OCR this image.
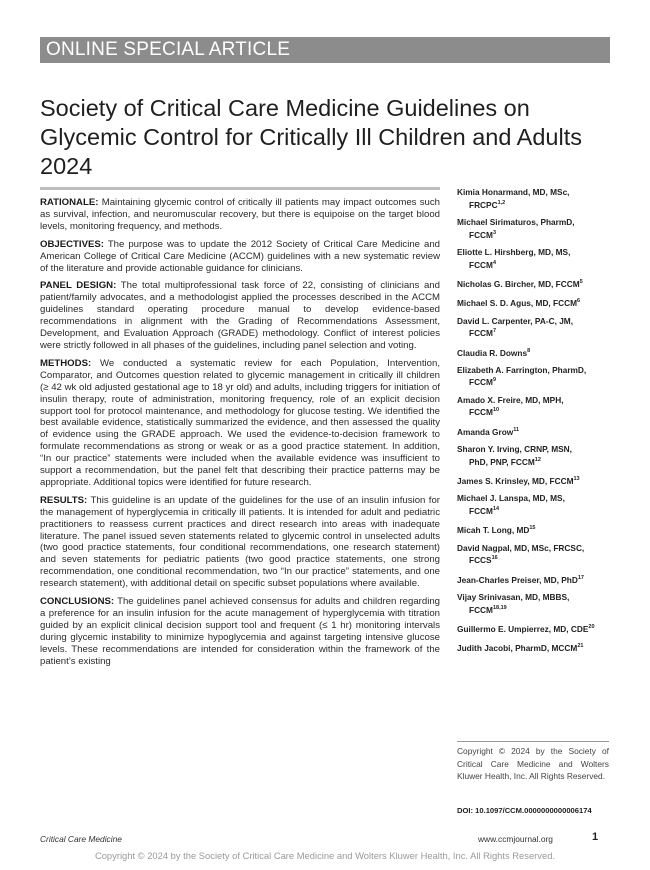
ONLINE SPECIAL ARTICLE
Society of Critical Care Medicine Guidelines on Glycemic Control for Critically Ill Children and Adults 2024

RATIONALE: Maintaining glycemic control of critically ill patients may impact outcomes such as survival, infection, and neuromuscular recovery, but there is equipoise on the target blood levels, monitoring frequency, and methods.

OBJECTIVES: The purpose was to update the 2012 Society of Critical Care Medicine and American College of Critical Care Medicine (ACCM) guidelines with a new systematic review of the literature and provide actionable guidance for clinicians.

PANEL DESIGN: The total multiprofessional task force of 22, consisting of clinicians and patient/family advocates, and a methodologist applied the processes described in the ACCM guidelines standard operating procedure manual to develop evidence-based recommendations in alignment with the Grading of Recommendations Assessment, Development, and Evaluation Approach (GRADE) methodology. Conflict of interest policies were strictly followed in all phases of the guidelines, including panel selection and voting.

METHODS: We conducted a systematic review for each Population, Intervention, Comparator, and Outcomes question related to glycemic management in critically ill children (≥ 42 wk old adjusted gestational age to 18 yr old) and adults, including triggers for initiation of insulin therapy, route of administration, monitoring frequency, role of an explicit decision support tool for protocol maintenance, and methodology for glucose testing. We identified the best available evidence, statistically summarized the evidence, and then assessed the quality of evidence using the GRADE approach. We used the evidence-to-decision framework to formulate recommendations as strong or weak or as a good practice statement. In addition, “In our practice” statements were included when the available evidence was insufficient to support a recommendation, but the panel felt that describing their practice patterns may be appropriate. Additional topics were identified for future research.

RESULTS: This guideline is an update of the guidelines for the use of an insulin infusion for the management of hyperglycemia in critically ill patients. It is intended for adult and pediatric practitioners to reassess current practices and direct research into areas with inadequate literature. The panel issued seven statements related to glycemic control in unselected adults (two good practice statements, four conditional recommendations, one research statement) and seven statements for pediatric patients (two good practice statements, one strong recommendation, one conditional recommendation, two “In our practice” statements, and one research statement), with additional detail on specific subset populations where available.

CONCLUSIONS: The guidelines panel achieved consensus for adults and children regarding a preference for an insulin infusion for the acute management of hyperglycemia with titration guided by an explicit clinical decision support tool and frequent (≤ 1 hr) monitoring intervals during glycemic instability to minimize hypoglycemia and against targeting intensive glucose levels. These recommendations are intended for consideration within the framework of the patient’s existing

Kimia Honarmand, MD, MSc,
FRCPC$^{1,2}$
Michael Sirimaturos, PharmD,
FCCM$^3$
Eliotte L. Hirshberg, MD, MS,
FCCM$^4$
Nicholas G. Bircher, MD, FCCM$^5$
Michael S. D. Agus, MD, FCCM$^6$
David L. Carpenter, PA-C, JM,
FCCM$^7$
Claudia R. Downs$^8$
Elizabeth A. Farrington, PharmD,
FCCM$^9$
Amado X. Freire, MD, MPH,
FCCM$^{10}$
Amanda Grow$^{11}$
Sharon Y. Irving, CRNP, MSN,
PhD, PNP, FCCM$^{12}$
James S. Krinsley, MD, FCCM$^{13}$
Michael J. Lanspa, MD, MS,
FCCM$^{14}$
Micah T. Long, MD$^{15}$
David Nagpal, MD, MSc, FRCSC,
FCCS$^{16}$
Jean-Charles Preiser, MD, PhD$^{17}$
Vijay Srinivasan, MD, MBBS,
FCCM$^{18,19}$
Guillermo E. Umpierrez, MD, CDE$^{20}$
Judith Jacobi, PharmD, MCCM$^{21}$
Copyright © 2024 by the Society of Critical Care Medicine and Wolters Kluwer Health, Inc. All Rights Reserved.
DOI: 10.1097/CCM.0000000000006174
Critical Care Medicine	www.ccmjournal.org	1
Copyright © 2024 by the Society of Critical Care Medicine and Wolters Kluwer Health, Inc. All Rights Reserved.
